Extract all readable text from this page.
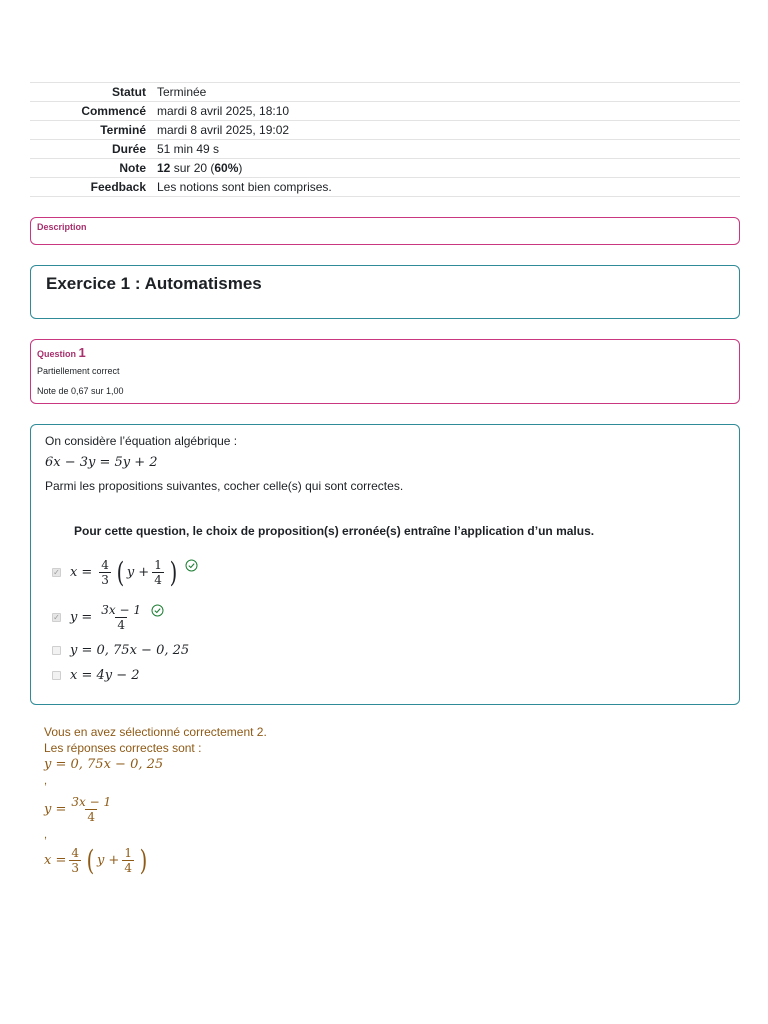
Statut	Terminée
Commencé	mardi 8 avril 2025, 18:10
Terminé	mardi 8 avril 2025, 19:02
Durée	51 min 49 s
Note	12 sur 20 (60%)
Feedback	Les notions sont bien comprises.
Description
Exercice 1 : Automatismes
Question 1
Partiellement correct
Note de 0,67 sur 1,00
On considère l’équation algébrique :
6x − 3y = 5y + 2
Parmi les propositions suivantes, cocher celle(s) qui sont correctes.
Pour cette question, le choix de proposition(s) erronée(s) entraîne l’application d’un malus.
✓ $x = \frac{4}{3}$ ( $y + \frac{1}{4}$ )
✓ $y = \frac{3x - 1}{4}$
y = 0, 75x − 0, 25
x = 4y − 2
Vous en avez sélectionné correctement 2.
Les réponses correctes sont :
y = 0, 75x − 0, 25
,
$y = \frac{3x - 1}{4}$
,
$x = \frac{4}{3}$ ( $y + \frac{1}{4}$ )
